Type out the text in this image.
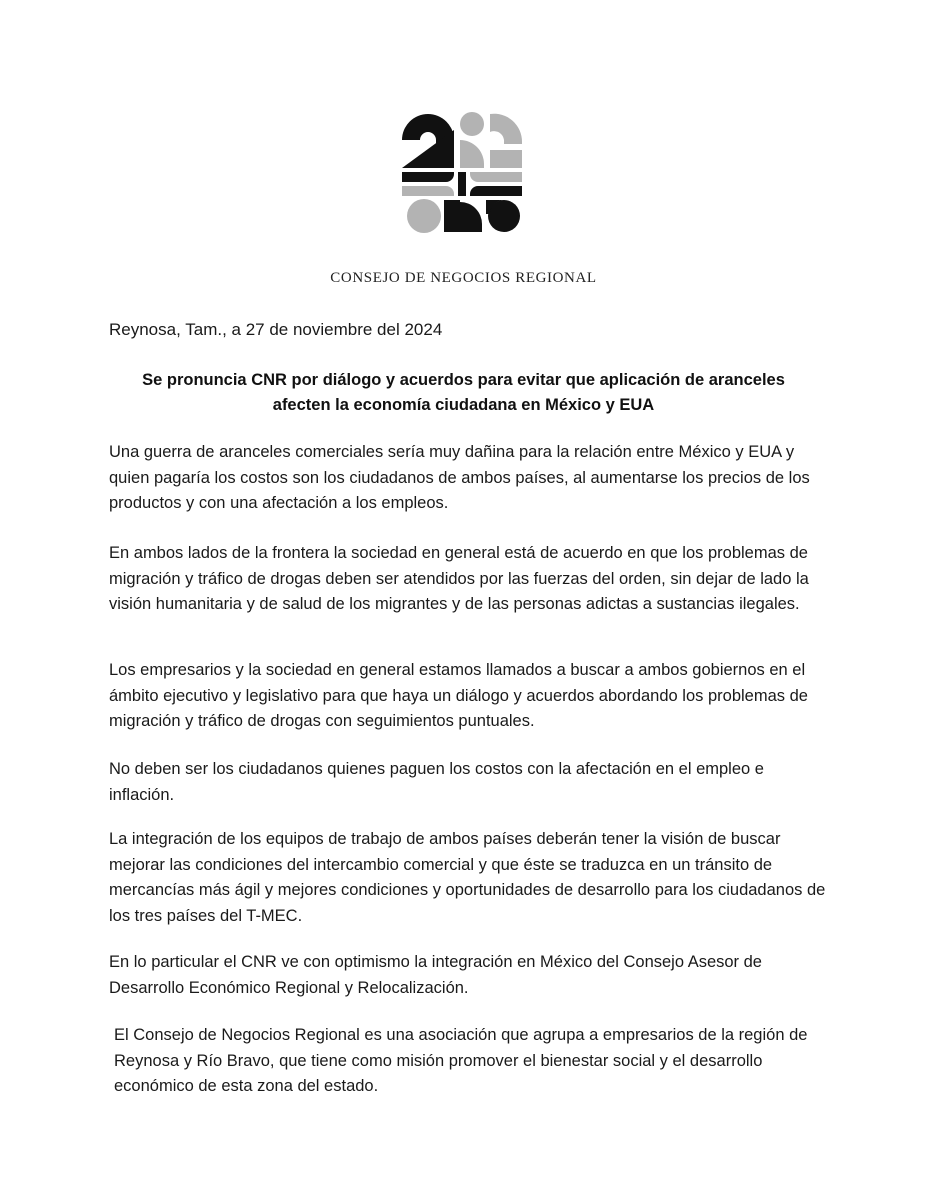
CONSEJO DE NEGOCIOS REGIONAL
Reynosa, Tam., a 27 de noviembre del 2024
Se pronuncia CNR por diálogo y acuerdos para evitar que aplicación de aranceles
afecten la economía ciudadana en México y EUA

Una guerra de aranceles comerciales sería muy dañina para la relación entre México y EUA y quien pagaría los costos son los ciudadanos de ambos países, al aumentarse los precios de los productos y con una afectación a los empleos.

En ambos lados de la frontera la sociedad en general está de acuerdo en que los problemas de migración y tráfico de drogas deben ser atendidos por las fuerzas del orden, sin dejar de lado la visión humanitaria y de salud de los migrantes y de las personas adictas a sustancias ilegales.

Los empresarios y la sociedad en general estamos llamados a buscar a ambos gobiernos en el ámbito ejecutivo y legislativo para que haya un diálogo y acuerdos abordando los problemas de migración y tráfico de drogas con seguimientos puntuales.

No deben ser los ciudadanos quienes paguen los costos con la afectación en el empleo e inflación.

La integración de los equipos de trabajo de ambos países deberán tener la visión de buscar mejorar las condiciones del intercambio comercial y que éste se traduzca en un tránsito de mercancías más ágil y mejores condiciones y oportunidades de desarrollo para los ciudadanos de los tres países del T-MEC.

En lo particular el CNR ve con optimismo la integración en México del Consejo Asesor de Desarrollo Económico Regional y Relocalización.

El Consejo de Negocios Regional es una asociación que agrupa a empresarios de la región de Reynosa y Río Bravo, que tiene como misión promover el bienestar social y el desarrollo económico de esta zona del estado.
